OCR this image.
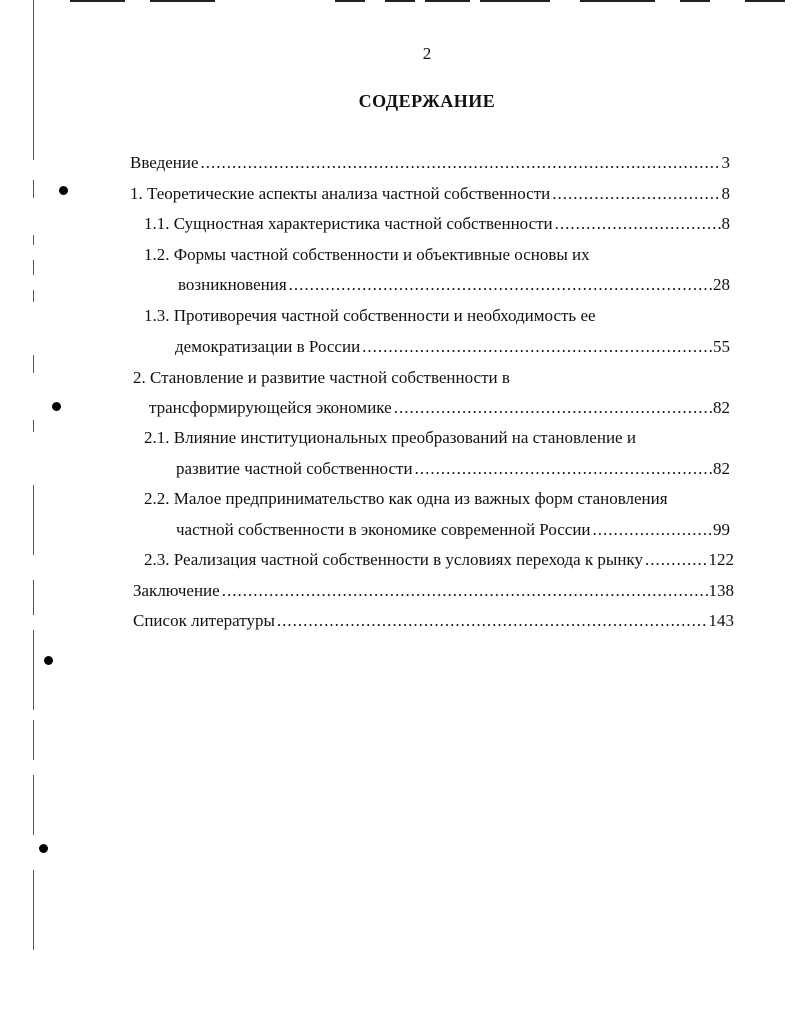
2
СОДЕРЖАНИЕ
Введение .....	3
1. Теоретические аспекты анализа частной собственности .....	8
1.1. Сущностная характеристика частной собственности .....	8
1.2. Формы частной собственности и объективные основы их
возникновения .....	28
1.3. Противоречия частной собственности и необходимость ее
демократизации в России .....	55
2. Становление и развитие частной собственности в
трансформирующейся экономике .....	82
2.1. Влияние институциональных преобразований на становление и
развитие частной собственности .....	82
2.2. Малое предпринимательство как одна из важных форм становления
частной собственности в экономике современной России .....	99
2.3. Реализация частной собственности в условиях перехода к рынку .....	122
Заключение .....	138
Список литературы .....	143
